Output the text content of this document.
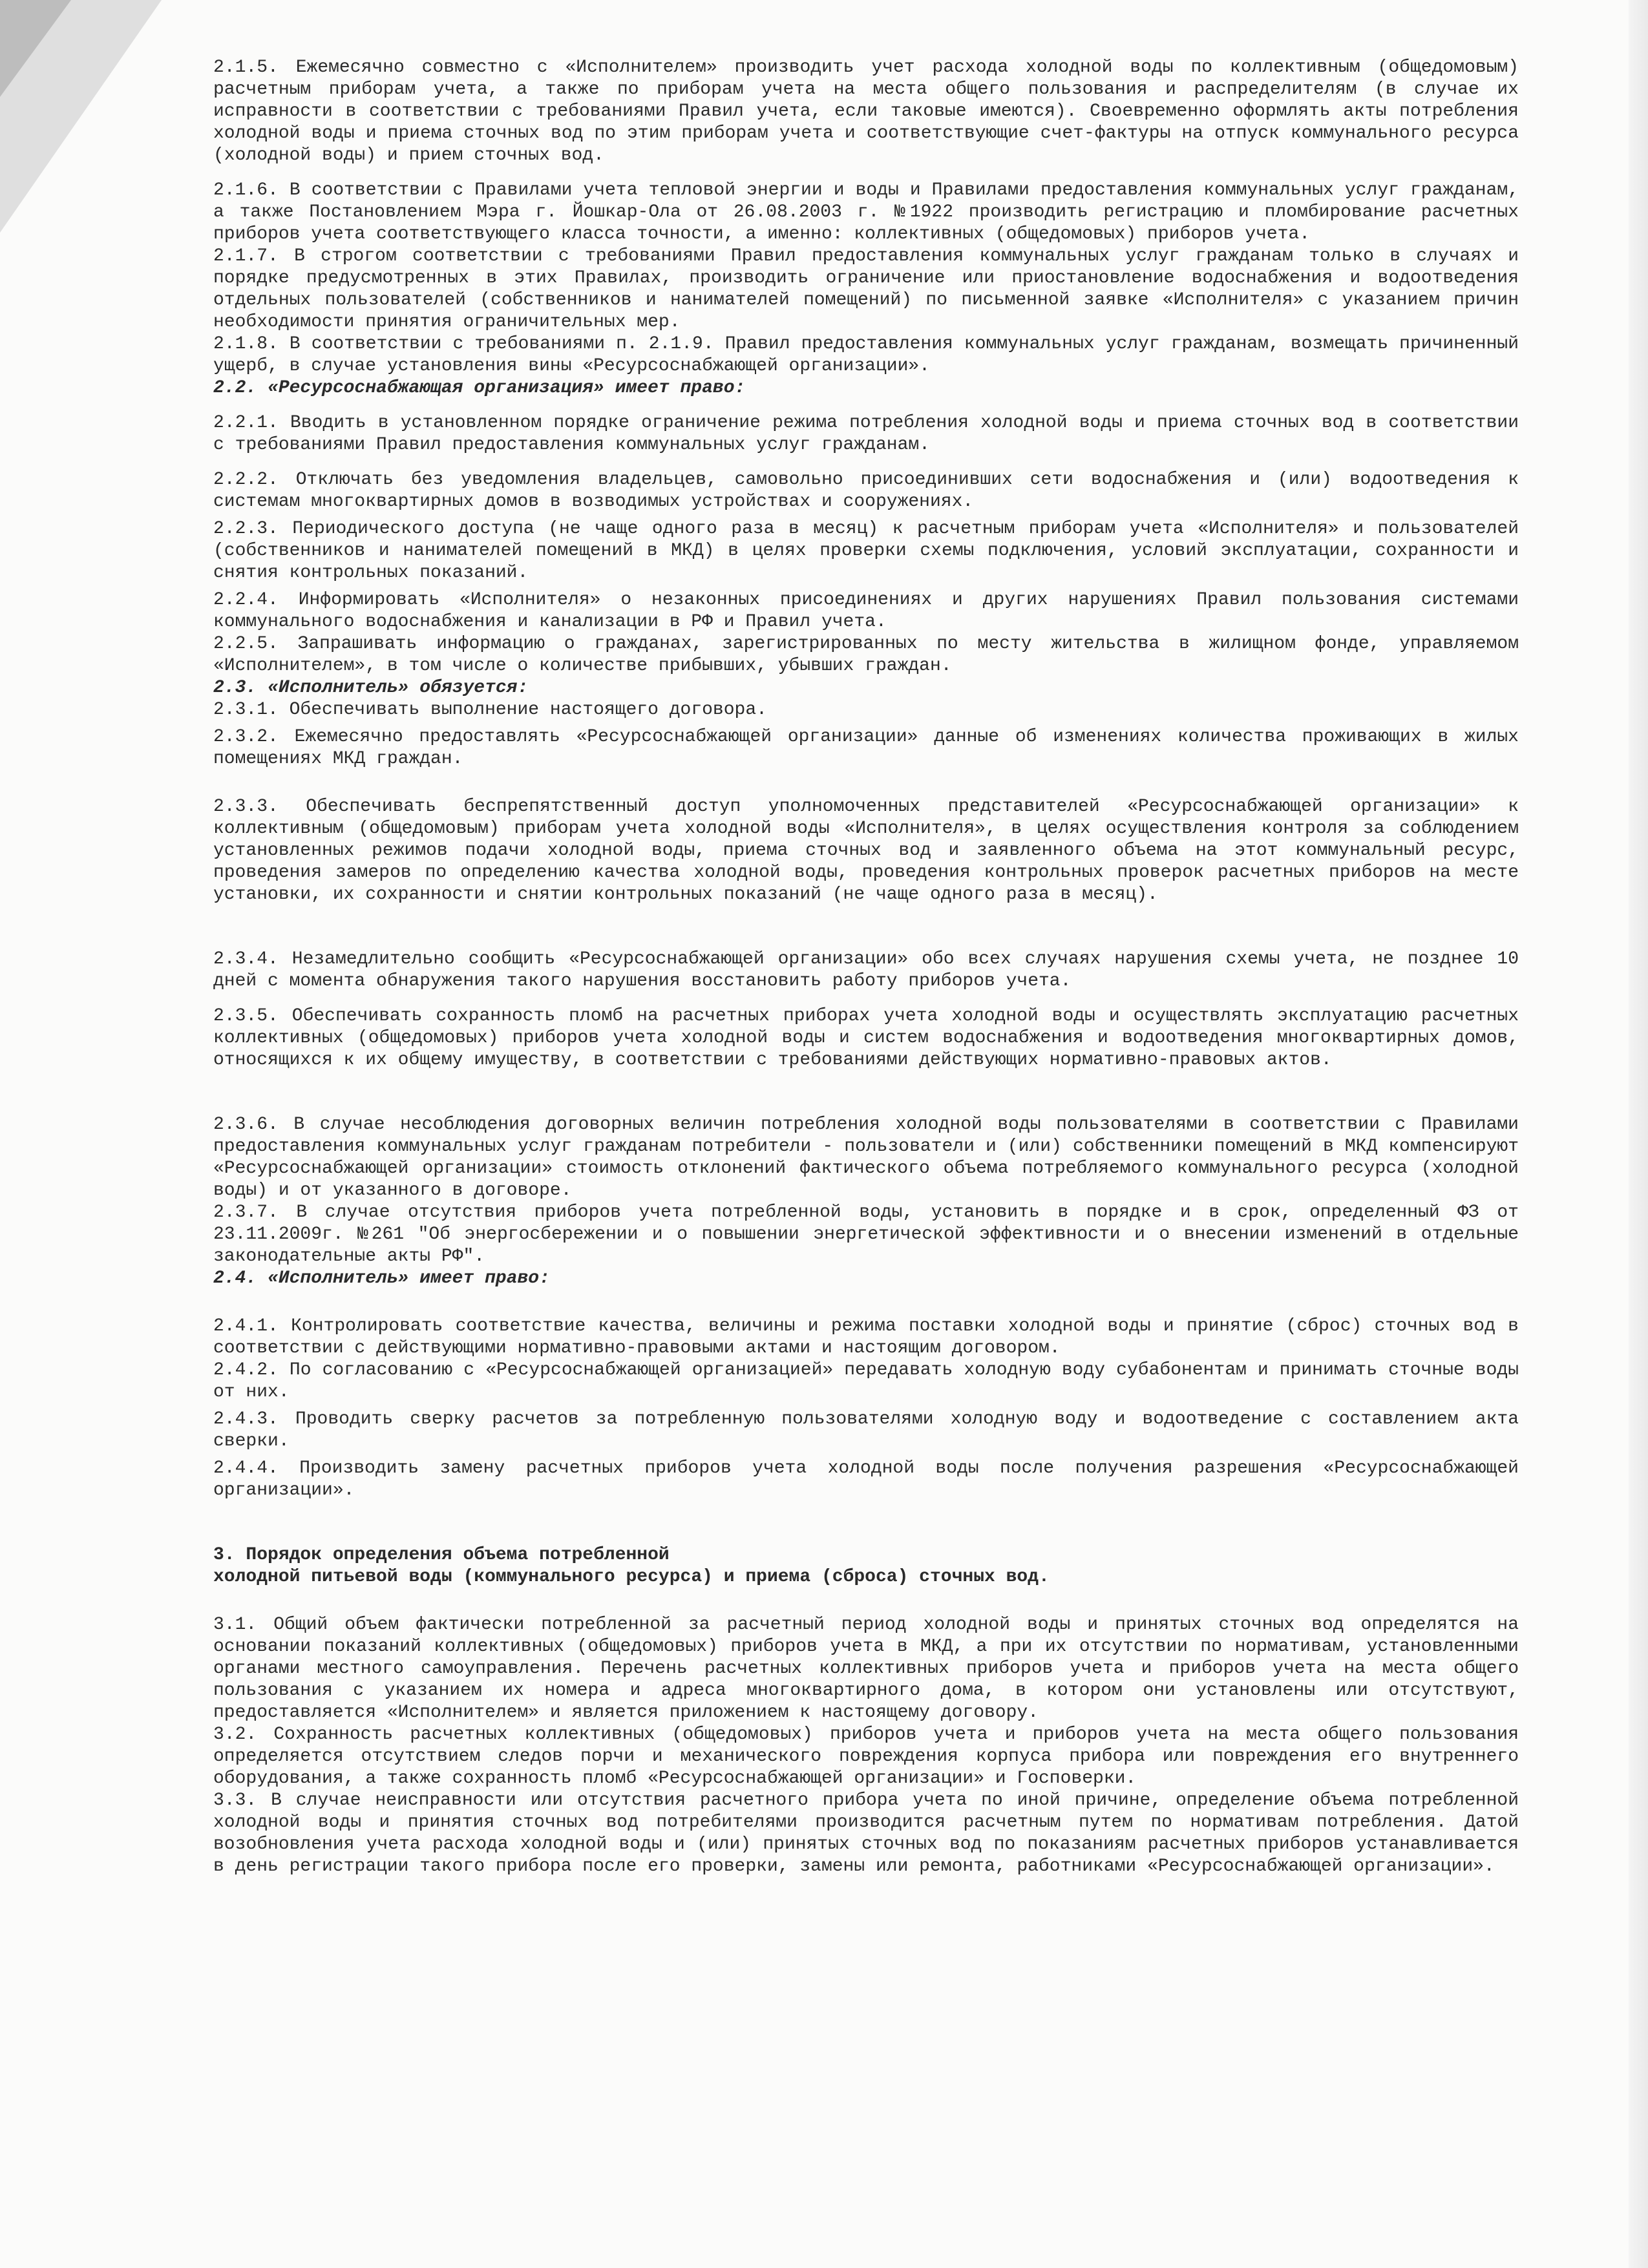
2.1.5. Ежемесячно совместно с «Исполнителем» производить учет расхода холодной воды по коллективным (общедомовым) расчетным приборам учета, а также по приборам учета на места общего пользования и распределителям (в случае их исправности в соответствии с требованиями Правил учета, если таковые имеются). Своевременно оформлять акты потребления холодной воды и приема сточных вод по этим приборам учета и соответствующие счет-фактуры на отпуск коммунального ресурса (холодной воды) и прием сточных вод.

2.1.6. В соответствии с Правилами учета тепловой энергии и воды и Правилами предоставления коммунальных услуг гражданам, а также Постановлением Мэра г. Йошкар-Ола от 26.08.2003 г. №1922 производить регистрацию и пломбирование расчетных приборов учета соответствующего класса точности, а именно: коллективных (общедомовых) приборов учета.

2.1.7. В строгом соответствии с требованиями Правил предоставления коммунальных услуг гражданам только в случаях и порядке предусмотренных в этих Правилах, производить ограничение или приостановление водоснабжения и водоотведения отдельных пользователей (собственников и нанимателей помещений) по письменной заявке «Исполнителя» с указанием причин необходимости принятия ограничительных мер.

2.1.8. В соответствии с требованиями п. 2.1.9. Правил предоставления коммунальных услуг гражданам, возмещать причиненный ущерб, в случае установления вины «Ресурсоснабжающей организации».

2.2. «Ресурсоснабжающая организация» имеет право:

2.2.1. Вводить в установленном порядке ограничение режима потребления холодной воды и приема сточных вод в соответствии с требованиями Правил предоставления коммунальных услуг гражданам.

2.2.2. Отключать без уведомления владельцев, самовольно присоединивших сети водоснабжения и (или) водоотведения к системам многоквартирных домов в возводимых устройствах и сооружениях.

2.2.3. Периодического доступа (не чаще одного раза в месяц) к расчетным приборам учета «Исполнителя» и пользователей (собственников и нанимателей помещений в МКД) в целях проверки схемы подключения, условий эксплуатации, сохранности и снятия контрольных показаний.

2.2.4. Информировать «Исполнителя» о незаконных присоединениях и других нарушениях Правил пользования системами коммунального водоснабжения и канализации в РФ и Правил учета.

2.2.5. Запрашивать информацию о гражданах, зарегистрированных по месту жительства в жилищном фонде, управляемом «Исполнителем», в том числе о количестве прибывших, убывших граждан.

2.3. «Исполнитель» обязуется:

2.3.1. Обеспечивать выполнение настоящего договора.

2.3.2. Ежемесячно предоставлять «Ресурсоснабжающей организации» данные об изменениях количества проживающих в жилых помещениях МКД граждан.

2.3.3. Обеспечивать беспрепятственный доступ уполномоченных представителей «Ресурсоснабжающей организации» к коллективным (общедомовым) приборам учета холодной воды «Исполнителя», в целях осуществления контроля за соблюдением установленных режимов подачи холодной воды, приема сточных вод и заявленного объема на этот коммунальный ресурс, проведения замеров по определению качества холодной воды, проведения контрольных проверок расчетных приборов на месте установки, их сохранности и снятии контрольных показаний (не чаще одного раза в месяц).

2.3.4. Незамедлительно сообщить «Ресурсоснабжающей организации» обо всех случаях нарушения схемы учета, не позднее 10 дней с момента обнаружения такого нарушения восстановить работу приборов учета.

2.3.5. Обеспечивать сохранность пломб на расчетных приборах учета холодной воды и осуществлять эксплуатацию расчетных коллективных (общедомовых) приборов учета холодной воды и систем водоснабжения и водоотведения многоквартирных домов, относящихся к их общему имуществу, в соответствии с требованиями действующих нормативно-правовых актов.

2.3.6. В случае несоблюдения договорных величин потребления холодной воды пользователями в соответствии с Правилами предоставления коммунальных услуг гражданам потребители - пользователи и (или) собственники помещений в МКД компенсируют «Ресурсоснабжающей организации» стоимость отклонений фактического объема потребляемого коммунального ресурса (холодной воды) и от указанного в договоре.

2.3.7. В случае отсутствия приборов учета потребленной воды, установить в порядке и в срок, определенный ФЗ от 23.11.2009г. №261 "Об энергосбережении и о повышении энергетической эффективности и о внесении изменений в отдельные законодательные акты РФ".

2.4. «Исполнитель» имеет право:

2.4.1. Контролировать соответствие качества, величины и режима поставки холодной воды и принятие (сброс) сточных вод в соответствии с действующими нормативно-правовыми актами и настоящим договором.

2.4.2. По согласованию с «Ресурсоснабжающей организацией» передавать холодную воду субабонентам и принимать сточные воды от них.

2.4.3. Проводить сверку расчетов за потребленную пользователями холодную воду и водоотведение с составлением акта сверки.

2.4.4. Производить замену расчетных приборов учета холодной воды после получения разрешения «Ресурсоснабжающей организации».

3. Порядок определения объема потребленной

холодной питьевой воды (коммунального ресурса) и приема (сброса) сточных вод.

3.1. Общий объем фактически потребленной за расчетный период холодной воды и принятых сточных вод определятся на основании показаний коллективных (общедомовых) приборов учета в МКД, а при их отсутствии по нормативам, установленными органами местного самоуправления. Перечень расчетных коллективных приборов учета и приборов учета на места общего пользования с указанием их номера и адреса многоквартирного дома, в котором они установлены или отсутствуют, предоставляется «Исполнителем» и является приложением к настоящему договору.

3.2. Сохранность расчетных коллективных (общедомовых) приборов учета и приборов учета на места общего пользования определяется отсутствием следов порчи и механического повреждения корпуса прибора или повреждения его внутреннего оборудования, а также сохранность пломб «Ресурсоснабжающей организации» и Госповерки.

3.3. В случае неисправности или отсутствия расчетного прибора учета по иной причине, определение объема потребленной холодной воды и принятия сточных вод потребителями производится расчетным путем по нормативам потребления. Датой возобновления учета расхода холодной воды и (или) принятых сточных вод по показаниям расчетных приборов устанавливается в день регистрации такого прибора после его проверки, замены или ремонта, работниками «Ресурсоснабжающей организации».
